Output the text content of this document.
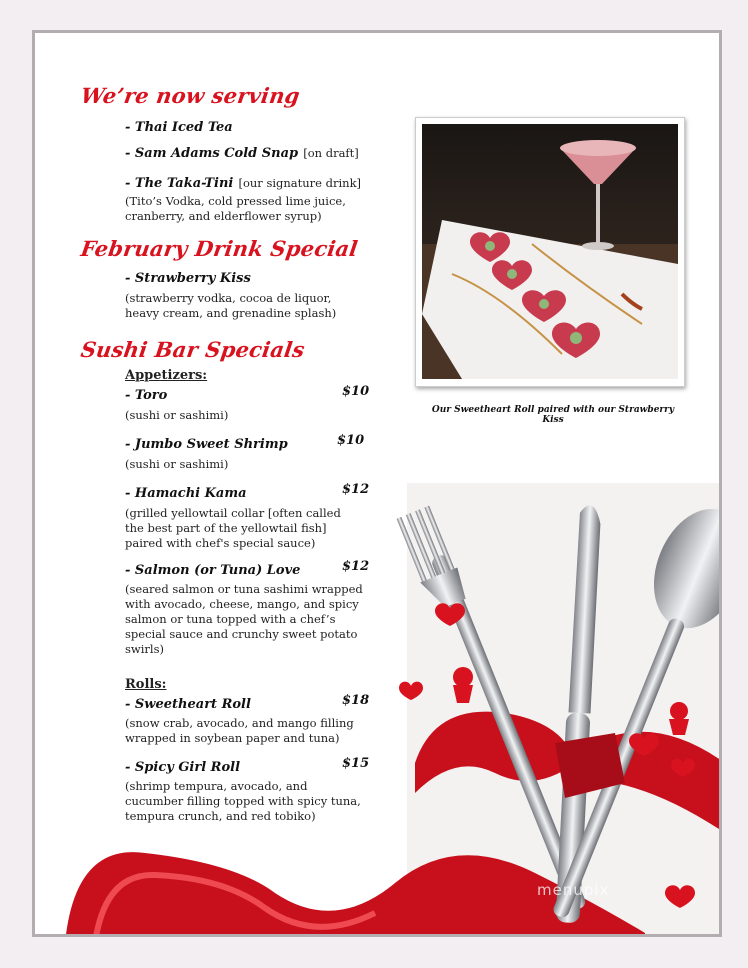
We’re now serving
- Thai Iced Tea
- Sam Adams Cold Snap [on draft]
- The Taka-Tini [our signature drink]
(Tito’s Vodka, cold pressed lime juice, cranberry, and elderflower syrup)
February Drink Special
- Strawberry Kiss
(strawberry vodka, cocoa de liquor, heavy cream, and grenadine splash)
Sushi Bar Specials
Appetizers:
- Toro	$10
(sushi or sashimi)
- Jumbo Sweet Shrimp	$10
(sushi or sashimi)
- Hamachi Kama	$12
(grilled yellowtail collar [often called the best part of the yellowtail fish] paired with chef's special sauce)
- Salmon (or Tuna) Love	$12
(seared salmon or tuna sashimi wrapped with avocado, cheese, mango, and spicy salmon or tuna topped with a chef’s special sauce and crunchy sweet potato swirls)
Rolls:
- Sweetheart Roll	$18
(snow crab, avocado, and mango filling wrapped in soybean paper and tuna)
- Spicy Girl Roll	$15
(shrimp tempura, avocado, and cucumber filling topped with spicy tuna, tempura crunch, and red tobiko)
Our Sweetheart Roll paired with our Strawberry Kiss
menupix
